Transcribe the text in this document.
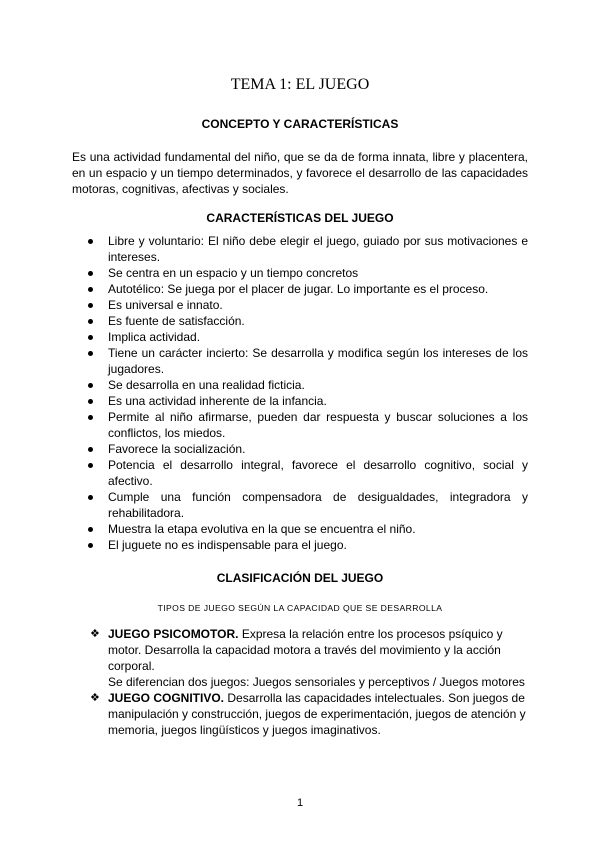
TEMA 1: EL JUEGO
CONCEPTO Y CARACTERÍSTICAS

Es una actividad fundamental del niño, que se da de forma innata, libre y placentera, en un espacio y un tiempo determinados, y favorece el desarrollo de las capacidades motoras, cognitivas, afectivas y sociales.

CARACTERÍSTICAS DEL JUEGO
Libre y voluntario: El niño debe elegir el juego, guiado por sus motivaciones e intereses.
Se centra en un espacio y un tiempo concretos
Autotélico: Se juega por el placer de jugar. Lo importante es el proceso.
Es universal e innato.
Es fuente de satisfacción.
Implica actividad.
Tiene un carácter incierto: Se desarrolla y modifica según los intereses de los jugadores.
Se desarrolla en una realidad ficticia.
Es una actividad inherente de la infancia.
Permite al niño afirmarse, pueden dar respuesta y buscar soluciones a los conflictos, los miedos.
Favorece la socialización.
Potencia el desarrollo integral, favorece el desarrollo cognitivo, social y afectivo.
Cumple una función compensadora de desigualdades, integradora y rehabilitadora.
Muestra la etapa evolutiva en la que se encuentra el niño.
El juguete no es indispensable para el juego.
CLASIFICACIÓN DEL JUEGO
TIPOS DE JUEGO SEGÚN LA CAPACIDAD QUE SE DESARROLLA
❖ JUEGO PSICOMOTOR. Expresa la relación entre los procesos psíquico y motor. Desarrolla la capacidad motora a través del movimiento y la acción corporal.
Se diferencian dos juegos: Juegos sensoriales y perceptivos / Juegos motores
❖ JUEGO COGNITIVO. Desarrolla las capacidades intelectuales. Son juegos de manipulación y construcción, juegos de experimentación, juegos de atención y memoria, juegos lingüísticos y juegos imaginativos.
1
